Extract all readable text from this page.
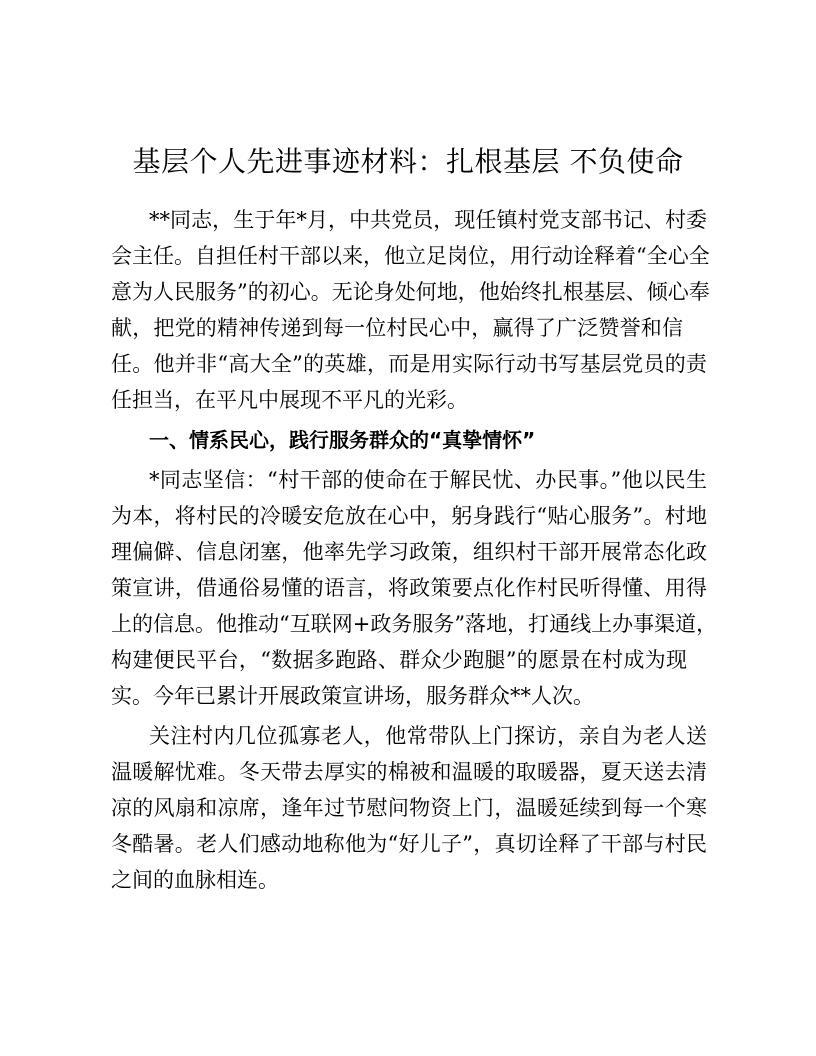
基层个人先进事迹材料：扎根基层 不负使命

**同志，生于年*月，中共党员，现任镇村党支部书记、村委

会主任。自担任村干部以来，他立足岗位，用行动诠释着“全心全

意为人民服务”的初心。无论身处何地，他始终扎根基层、倾心奉

献，把党的精神传递到每一位村民心中，赢得了广泛赞誉和信

任。他并非“高大全”的英雄，而是用实际行动书写基层党员的责

任担当，在平凡中展现不平凡的光彩。

一、情系民心，践行服务群众的“真挚情怀”

*同志坚信：“村干部的使命在于解民忧、办民事。”他以民生

为本，将村民的冷暖安危放在心中，躬身践行“贴心服务”。村地

理偏僻、信息闭塞，他率先学习政策，组织村干部开展常态化政

策宣讲，借通俗易懂的语言，将政策要点化作村民听得懂、用得

上的信息。他推动“互联网+政务服务”落地，打通线上办事渠道，

构建便民平台，“数据多跑路、群众少跑腿”的愿景在村成为现

实。今年已累计开展政策宣讲场，服务群众**人次。

关注村内几位孤寡老人，他常带队上门探访，亲自为老人送

温暖解忧难。冬天带去厚实的棉被和温暖的取暖器，夏天送去清

凉的风扇和凉席，逢年过节慰问物资上门，温暖延续到每一个寒

冬酷暑。老人们感动地称他为“好儿子”，真切诠释了干部与村民

之间的血脉相连。
